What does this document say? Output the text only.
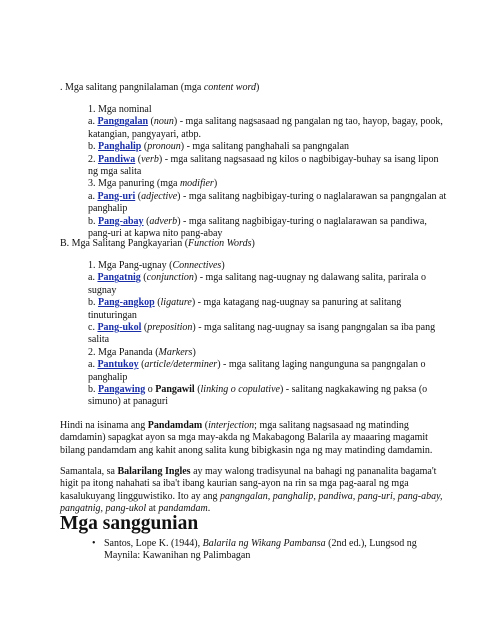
. Mga salitang pangnilalaman (mga content word)
1. Mga nominal
a. Pangngalan (noun) - mga salitang nagsasaad ng pangalan ng tao, hayop, bagay, pook,
katangian, pangyayari, atbp.
b. Panghalip (pronoun) - mga salitang panghahali sa pangngalan
2. Pandiwa (verb) - mga salitang nagsasaad ng kilos o nagbibigay-buhay sa isang lipon
ng mga salita
3. Mga panuring (mga modifier)
a. Pang-uri (adjective) - mga salitang nagbibigay-turing o naglalarawan sa pangngalan at
panghalip
b. Pang-abay (adverb) - mga salitang nagbibigay-turing o naglalarawan sa pandiwa,
pang-uri at kapwa nito pang-abay
B. Mga Salitang Pangkayarian (Function Words)
1. Mga Pang-ugnay (Connectives)
a. Pangatnig (conjunction) - mga salitang nag-uugnay ng dalawang salita, parirala o
sugnay
b. Pang-angkop (ligature) - mga katagang nag-uugnay sa panuring at salitang
tinuturingan
c. Pang-ukol (preposition) - mga salitang nag-uugnay sa isang pangngalan sa iba pang
salita
2. Mga Pananda (Markers)
a. Pantukoy (article/determiner) - mga salitang laging nangunguna sa pangngalan o
panghalip
b. Pangawing o Pangawil (linking o copulative) - salitang nagkakawing ng paksa (o
simuno) at panaguri
Hindi na isinama ang Pandamdam (interjection; mga salitang nagsasaad ng matinding
damdamin) sapagkat ayon sa mga may-akda ng Makabagong Balarila ay maaaring magamit
bilang pandamdam ang kahit anong salita kung bibigkasin nga ng may matinding damdamin.
Samantala, sa Balarilang Ingles ay may walong tradisyunal na bahagi ng pananalita bagama't
higit pa itong nahahati sa iba't ibang kaurian sang-ayon na rin sa mga pag-aaral ng mga
kasalukuyang lingguwistiko. Ito ay ang pangngalan, panghalip, pandiwa, pang-uri, pang-abay,
pangatnig, pang-ukol at pandamdam.
Mga sanggunian
• Santos, Lope K. (1944), Balarila ng Wikang Pambansa (2nd ed.), Lungsod ng
Maynila: Kawanihan ng Palimbagan
